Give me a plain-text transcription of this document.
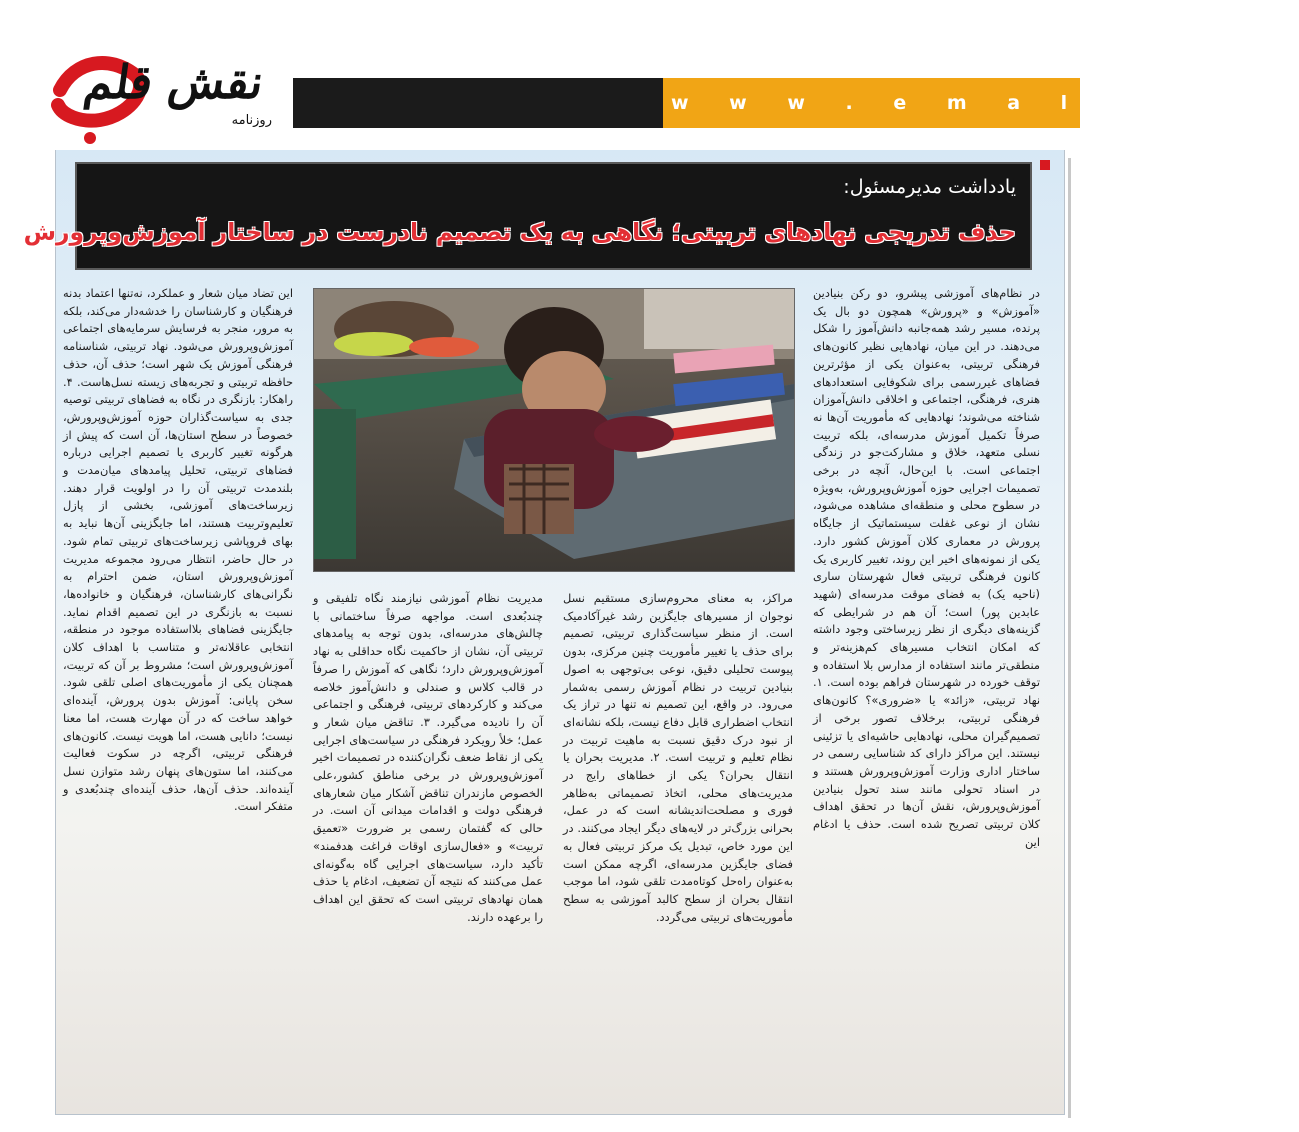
نقش قلم
روزنامه
w w w . e m a l e k a n
یادداشت مدیرمسئول:
حذف تدریجی نهادهای تربیتی؛ نگاهی به یک تصمیم نادرست در ساختار آموزش‌وپرورش

در نظام‌های آموزشی پیشرو، دو رکن بنیادین «آموزش» و «پرورش» همچون دو بال یک پرنده، مسیر رشد همه‌جانبه دانش‌آموز را شکل می‌دهند. در این میان، نهادهایی نظیر کانون‌های فرهنگی تربیتی، به‌عنوان یکی از مؤثرترین فضاهای غیررسمی برای شکوفایی استعدادهای هنری، فرهنگی، اجتماعی و اخلاقی دانش‌آموزان شناخته می‌شوند؛ نهادهایی که مأموریت آن‌ها نه صرفاً تکمیل آموزش مدرسه‌ای، بلکه تربیت نسلی متعهد، خلاق و مشارکت‌جو در زندگی اجتماعی است. با این‌حال، آنچه در برخی تصمیمات اجرایی حوزه آموزش‌وپرورش، به‌ویژه در سطوح محلی و منطقه‌ای مشاهده می‌شود، نشان از نوعی غفلت سیستماتیک از جایگاه پرورش در معماری کلان آموزش کشور دارد. یکی از نمونه‌های اخیر این روند، تغییر کاربری یک کانون فرهنگی تربیتی فعال شهرستان ساری (ناحیه یک) به فضای موقت مدرسه‌ای (شهید عابدین پور) است؛ آن هم در شرایطی که گزینه‌های دیگری از نظر زیرساختی وجود داشته که امکان انتخاب مسیرهای کم‌هزینه‌تر و منطقی‌تر مانند استفاده از مدارس بلا استفاده و توقف خورده در شهرستان فراهم بوده است. ۱. نهاد تربیتی، «زائد» یا «ضروری»؟ کانون‌های فرهنگی تربیتی، برخلاف تصور برخی از تصمیم‌گیران محلی، نهادهایی حاشیه‌ای یا تزئینی نیستند. این مراکز دارای کد شناسایی رسمی در ساختار اداری وزارت آموزش‌وپرورش هستند و در اسناد تحولی مانند سند تحول بنیادین آموزش‌وپرورش، نقش آن‌ها در تحقق اهداف کلان تربیتی تصریح شده است. حذف یا ادغام این

مراکز، به معنای محروم‌سازی مستقیم نسل نوجوان از مسیرهای جایگزین رشد غیرآکادمیک است. از منظر سیاست‌گذاری تربیتی، تصمیم برای حذف یا تغییر مأموریت چنین مرکزی، بدون پیوست تحلیلی دقیق، نوعی بی‌توجهی به اصول بنیادین تربیت در نظام آموزش رسمی به‌شمار می‌رود. در واقع، این تصمیم نه تنها در تراز یک انتخاب اضطراری قابل دفاع نیست، بلکه نشانه‌ای از نبود درک دقیق نسبت به ماهیت تربیت در نظام تعلیم و تربیت است. ۲. مدیریت بحران یا انتقال بحران؟ یکی از خطاهای رایج در مدیریت‌های محلی، اتخاذ تصمیماتی به‌ظاهر فوری و مصلحت‌اندیشانه است که در عمل، بحرانی بزرگ‌تر در لایه‌های دیگر ایجاد می‌کنند. در این مورد خاص، تبدیل یک مرکز تربیتی فعال به فضای جایگزین مدرسه‌ای، اگرچه ممکن است به‌عنوان راه‌حل کوتاه‌مدت تلقی شود، اما موجب انتقال بحران از سطح کالبد آموزشی به سطح مأموریت‌های تربیتی می‌گردد.

مدیریت نظام آموزشی نیازمند نگاه تلفیقی و چندبُعدی است. مواجهه صرفاً ساختمانی با چالش‌های مدرسه‌ای، بدون توجه به پیامدهای تربیتی آن، نشان از حاکمیت نگاه حداقلی به نهاد آموزش‌وپرورش دارد؛ نگاهی که آموزش را صرفاً در قالب کلاس و صندلی و دانش‌آموز خلاصه می‌کند و کارکردهای تربیتی، فرهنگی و اجتماعی آن را نادیده می‌گیرد. ۳. تناقض میان شعار و عمل؛ خلأ رویکرد فرهنگی در سیاست‌های اجرایی یکی از نقاط ضعف نگران‌کننده در تصمیمات اخیر آموزش‌وپرورش در برخی مناطق کشور،علی الخصوص مازندران تناقض آشکار میان شعارهای فرهنگی دولت و اقدامات میدانی آن است. در حالی که گفتمان رسمی بر ضرورت «تعمیق تربیت» و «فعال‌سازی اوقات فراغت هدفمند» تأکید دارد، سیاست‌های اجرایی گاه به‌گونه‌ای عمل می‌کنند که نتیجه آن تضعیف، ادغام یا حذف همان نهادهای تربیتی است که تحقق این اهداف را برعهده دارند.

این تضاد میان شعار و عملکرد، نه‌تنها اعتماد بدنه فرهنگیان و کارشناسان را خدشه‌دار می‌کند، بلکه به مرور، منجر به فرسایش سرمایه‌های اجتماعی آموزش‌وپرورش می‌شود. نهاد تربیتی، شناسنامه فرهنگی آموزش یک شهر است؛ حذف آن، حذف حافظه تربیتی و تجربه‌های زیسته نسل‌هاست. ۴. راهکار: بازنگری در نگاه به فضاهای تربیتی توصیه جدی به سیاست‌گذاران حوزه آموزش‌وپرورش، خصوصاً در سطح استان‌ها، آن است که پیش از هرگونه تغییر کاربری یا تصمیم اجرایی درباره فضاهای تربیتی، تحلیل پیامدهای میان‌مدت و بلندمدت تربیتی آن را در اولویت قرار دهند. زیرساخت‌های آموزشی، بخشی از پازل تعلیم‌وتربیت هستند، اما جایگزینی آن‌ها نباید به بهای فروپاشی زیرساخت‌های تربیتی تمام شود. در حال حاضر، انتظار می‌رود مجموعه مدیریت آموزش‌وپرورش استان، ضمن احترام به نگرانی‌های کارشناسان، فرهنگیان و خانواده‌ها، نسبت به بازنگری در این تصمیم اقدام نماید. جایگزینی فضاهای بلااستفاده موجود در منطقه، انتخابی عاقلانه‌تر و متناسب با اهداف کلان آموزش‌وپرورش است؛ مشروط بر آن که تربیت، همچنان یکی از مأموریت‌های اصلی تلقی شود. سخن پایانی: آموزش بدون پرورش، آینده‌ای خواهد ساخت که در آن مهارت هست، اما معنا نیست؛ دانایی هست، اما هویت نیست. کانون‌های فرهنگی تربیتی، اگرچه در سکوت فعالیت می‌کنند، اما ستون‌های پنهان رشد متوازن نسل آینده‌اند. حذف آن‌ها، حذف آینده‌ای چندبُعدی و متفکر است.
